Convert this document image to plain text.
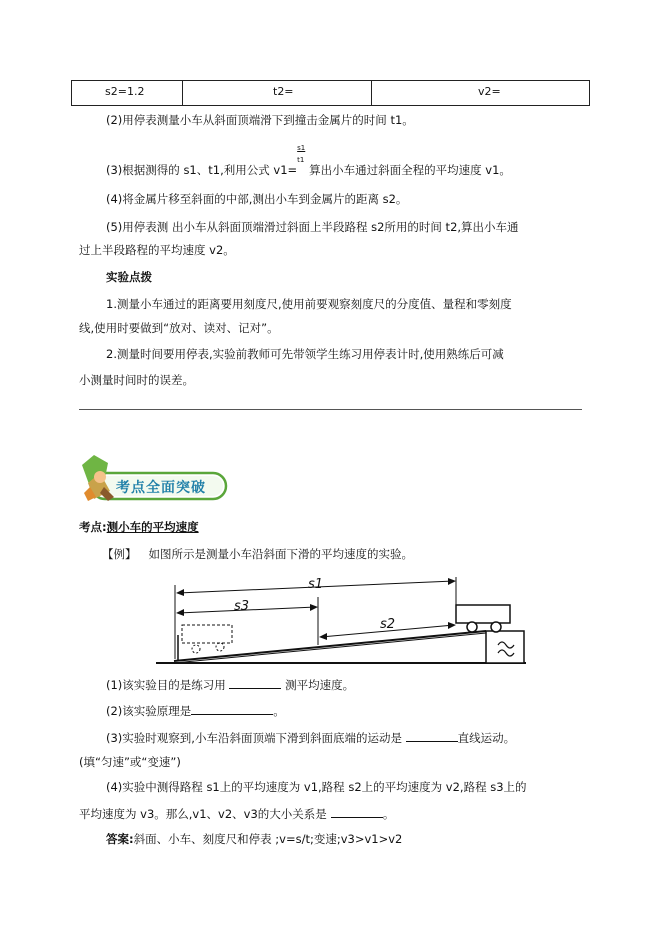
s2=1.2	t2=	v2=
(2)用停表测量小车从斜面顶端滑下到撞击金属片的时间 t1。
(3)根据测得的 s1、t1,利用公式 $v1= \frac{s1}{t1}$ 算出小车通过斜面全程的平均速度 v1。
(4)将金属片移至斜面的中部,测出小车到金属片的距离 s2。
(5)用停表测 出小车从斜面顶端滑过斜面上半段路程 s2所用的时间 t2,算出小车通
过上半段路程的平均速度 v2。
实验点拨
1.测量小车通过的距离要用刻度尺,使用前要观察刻度尺的分度值、量程和零刻度
线,使用时要做到“放对、读对、记对”。
2.测量时间要用停表,实验前教师可先带领学生练习用停表计时,使用熟练后可减
小测量时间时的误差。
考点全面突破
考点:测小车的平均速度
【例】 如图所示是测量小车沿斜面下滑的平均速度的实验。
s1
s3
s2
(1)该实验目的是练习用	测平均速度。
(2)该实验原理是	。
(3)实验时观察到,小车沿斜面顶端下滑到斜面底端的运动是	直线运动。
(填“匀速”或“变速”)
(4)实验中测得路程 s1上的平均速度为 v1,路程 s2上的平均速度为 v2,路程 s3上的
平均速度为 v3。那么,v1、v2、v3的大小关系是	。
答案:斜面、小车、刻度尺和停表 ;v=s/t;变速;v3>v1>v2
